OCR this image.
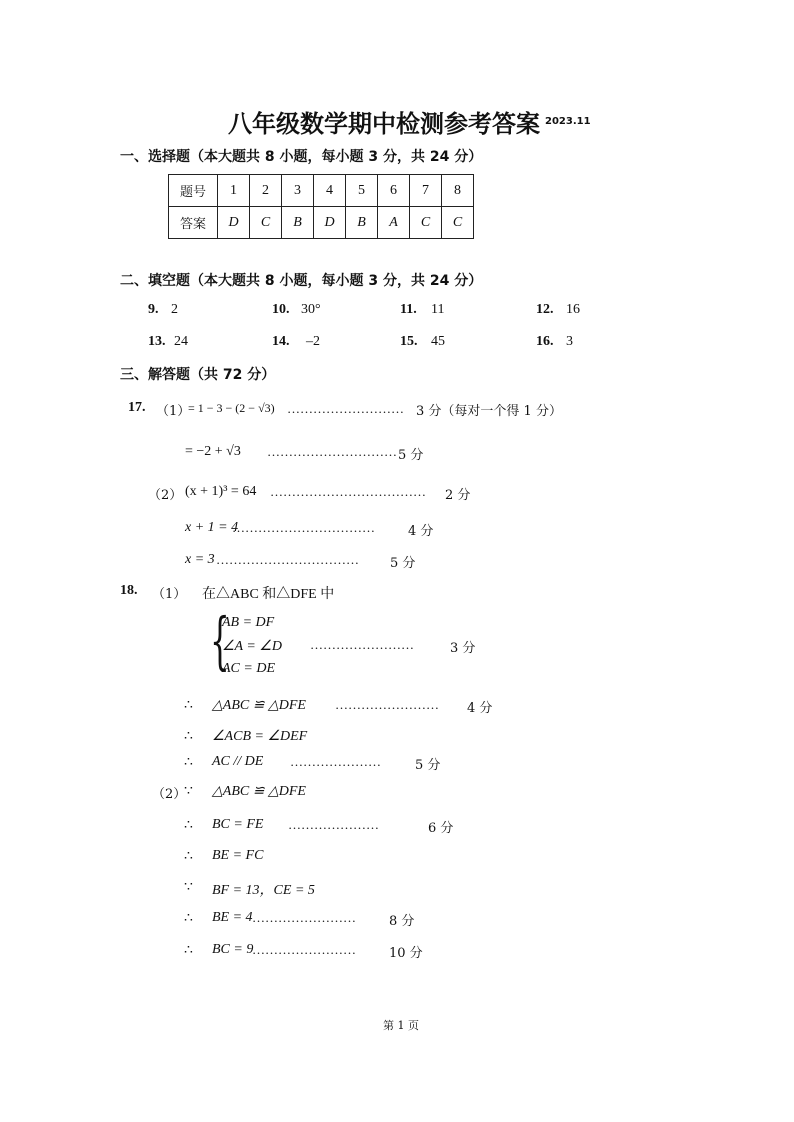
八年级数学期中检测参考答案 2023.11
一、选择题（本大题共 8 小题，每小题 3 分，共 24 分）
题号	1	2	3	4	5	6	7	8
答案	D	C	B	D	B	A	C	C
二、填空题（本大题共 8 小题，每小题 3 分，共 24 分）
9. 2	10. 30°	11. 11	12. 16
13. 24	14. –2	15. 45	16. 3
三、解答题（共 72 分）
17. （1）
= 1 − 3 − (2 − √3) ……………………… 3 分（每对一个得 1 分）
= −2 + √3 ………………………… 5 分
（2） (x + 1)³ = 64 ……………………………… 2 分
x + 1 = 4
……………………………	4 分
x = 3 …………………………… 5 分
18. （1） 在△ABC 和△DFE 中
{
AB = DF
∠A = ∠D
AC = DE
……………………	3 分
∴ △ABC ≌ △DFE …………………… 4 分
∴ ∠ACB = ∠DEF
∴ AC // DE …………………	5 分
（2）
∵ △ABC ≌ △DFE
∴ BC = FE …………………	6 分
∴ BE = FC
∵ BF = 13，CE = 5
∴ BE = 4 ……………………	8 分
∴ BC = 9
……………………	10 分
第 1 页
